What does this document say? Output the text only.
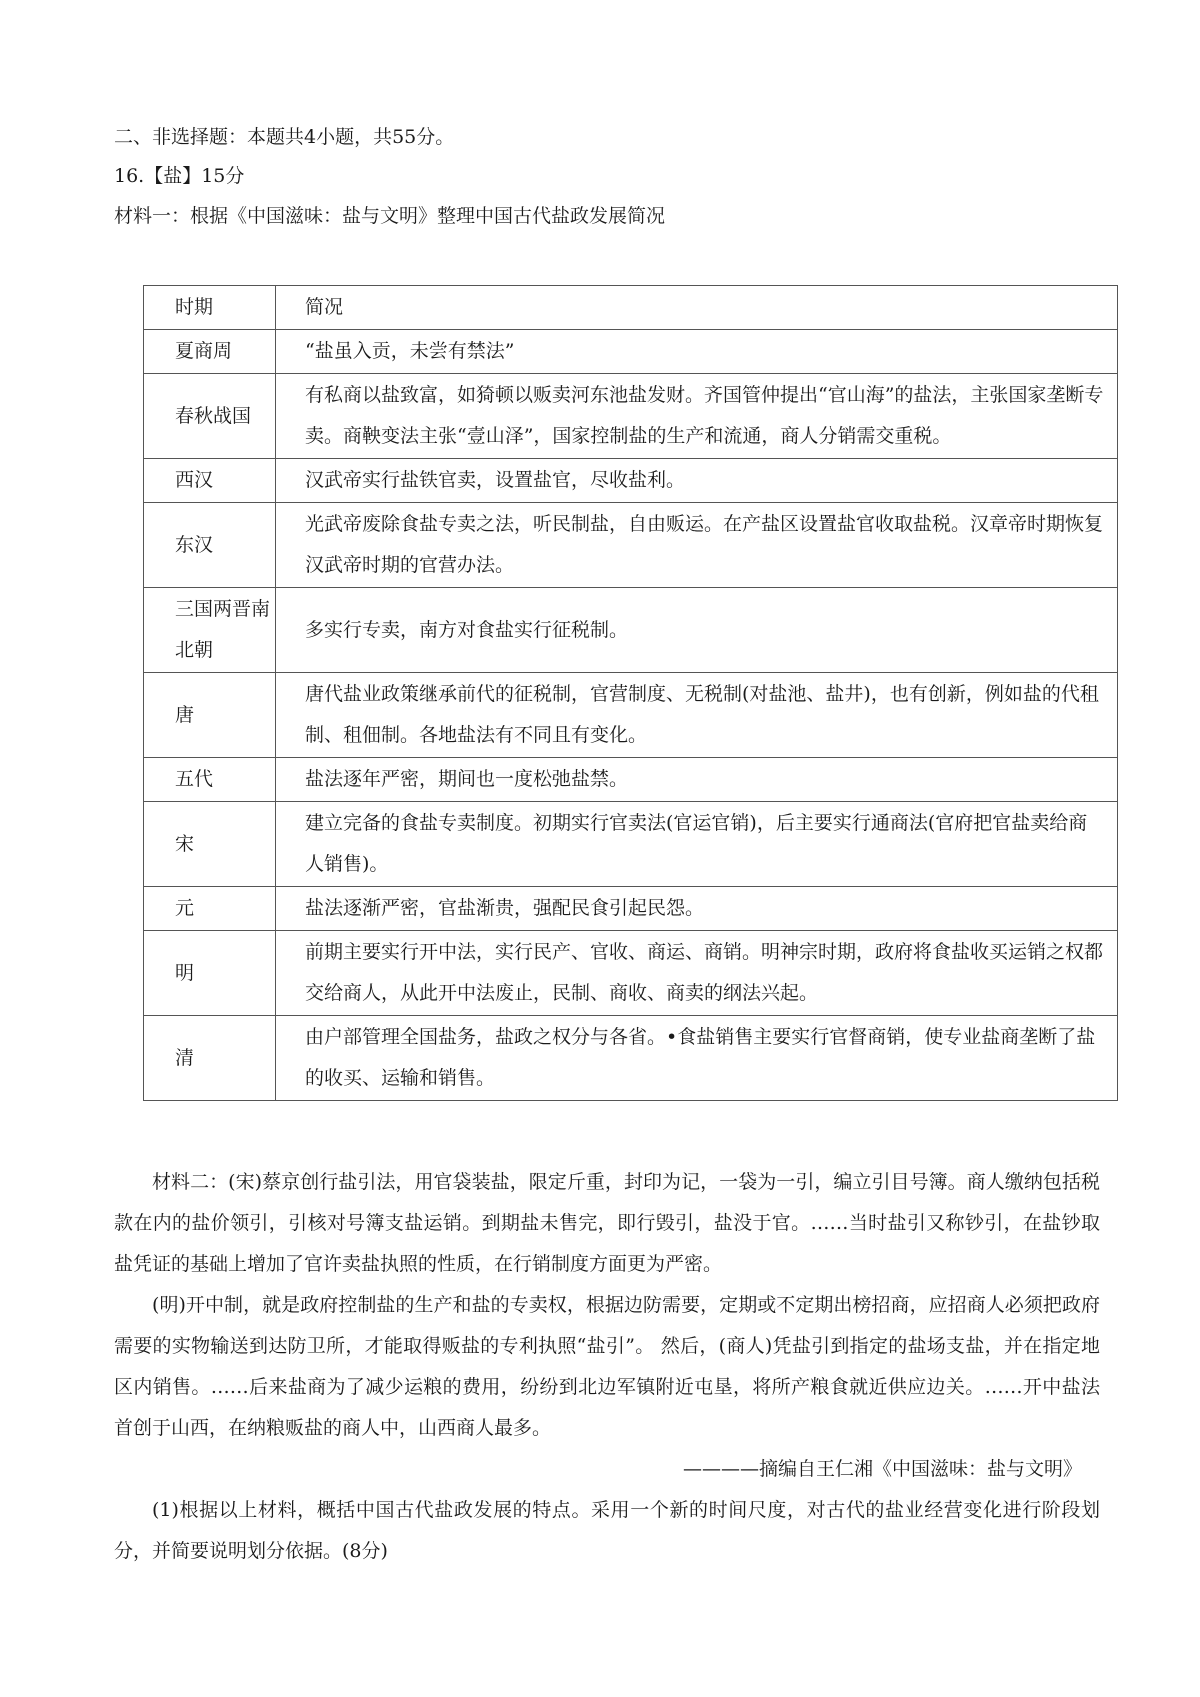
二、非选择题：本题共4小题，共55分。
16.【盐】15分
材料一：根据《中国滋味：盐与文明》整理中国古代盐政发展简况
时期	简况
夏商周	“盐虽入贡，未尝有禁法”
春秋战国	有私商以盐致富，如猗顿以贩卖河东池盐发财。齐国管仲提出“官山海”的盐法，主张国家垄断专卖。商鞅变法主张“壹山泽”，国家控制盐的生产和流通，商人分销需交重税。
西汉	汉武帝实行盐铁官卖，设置盐官，尽收盐利。
东汉	光武帝废除食盐专卖之法，听民制盐，自由贩运。在产盐区设置盐官收取盐税。汉章帝时期恢复汉武帝时期的官营办法。
三国两晋南北朝	多实行专卖，南方对食盐实行征税制。
唐	唐代盐业政策继承前代的征税制，官营制度、无税制(对盐池、盐井)，也有创新，例如盐的代租制、租佃制。各地盐法有不同且有变化。
五代	盐法逐年严密，期间也一度松弛盐禁。
宋	建立完备的食盐专卖制度。初期实行官卖法(官运官销)，后主要实行通商法(官府把官盐卖给商人销售)。
元	盐法逐渐严密，官盐渐贵，强配民食引起民怨。
明	前期主要实行开中法，实行民产、官收、商运、商销。明神宗时期，政府将食盐收买运销之权都交给商人，从此开中法废止，民制、商收、商卖的纲法兴起。
清	由户部管理全国盐务，盐政之权分与各省。•食盐销售主要实行官督商销，使专业盐商垄断了盐的收买、运输和销售。
材料二：(宋)蔡京创行盐引法，用官袋装盐，限定斤重，封印为记，一袋为一引，编立引目号簿。商人缴纳包括税款在内的盐价领引，引核对号簿支盐运销。到期盐未售完，即行毁引，盐没于官。……当时盐引又称钞引，在盐钞取盐凭证的基础上增加了官许卖盐执照的性质，在行销制度方面更为严密。
(明)开中制，就是政府控制盐的生产和盐的专卖权，根据边防需要，定期或不定期出榜招商，应招商人必须把政府需要的实物输送到达防卫所，才能取得贩盐的专利执照“盐引”。 然后，(商人)凭盐引到指定的盐场支盐，并在指定地区内销售。……后来盐商为了减少运粮的费用，纷纷到北边军镇附近屯垦，将所产粮食就近供应边关。……开中盐法首创于山西，在纳粮贩盐的商人中，山西商人最多。
————摘编自王仁湘《中国滋味：盐与文明》
(1)根据以上材料，概括中国古代盐政发展的特点。采用一个新的时间尺度，对古代的盐业经营变化进行阶段划分，并简要说明划分依据。(8分)
